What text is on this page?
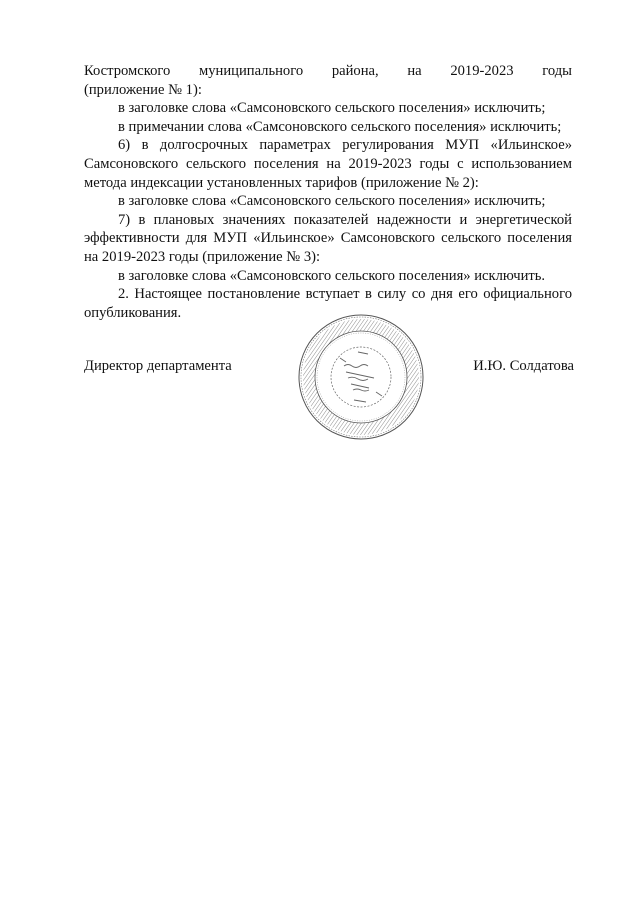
Костромского муниципального района, на 2019-2023 годы

(приложение № 1):

в заголовке слова «Самсоновского сельского поселения» исключить;

в примечании слова «Самсоновского сельского поселения» исключить;

6) в долгосрочных параметрах регулирования МУП «Ильинское» Самсоновского сельского поселения на 2019-2023 годы с использованием метода индексации установленных тарифов (приложение № 2):

в заголовке слова «Самсоновского сельского поселения» исключить;

7) в плановых значениях показателей надежности и энергетической эффективности для МУП «Ильинское» Самсоновского сельского поселения на 2019-2023 годы (приложение № 3):

в заголовке слова «Самсоновского сельского поселения» исключить.

2. Настоящее постановление вступает в силу со дня его официального опубликования.

Директор департамента	И.Ю. Солдатова
